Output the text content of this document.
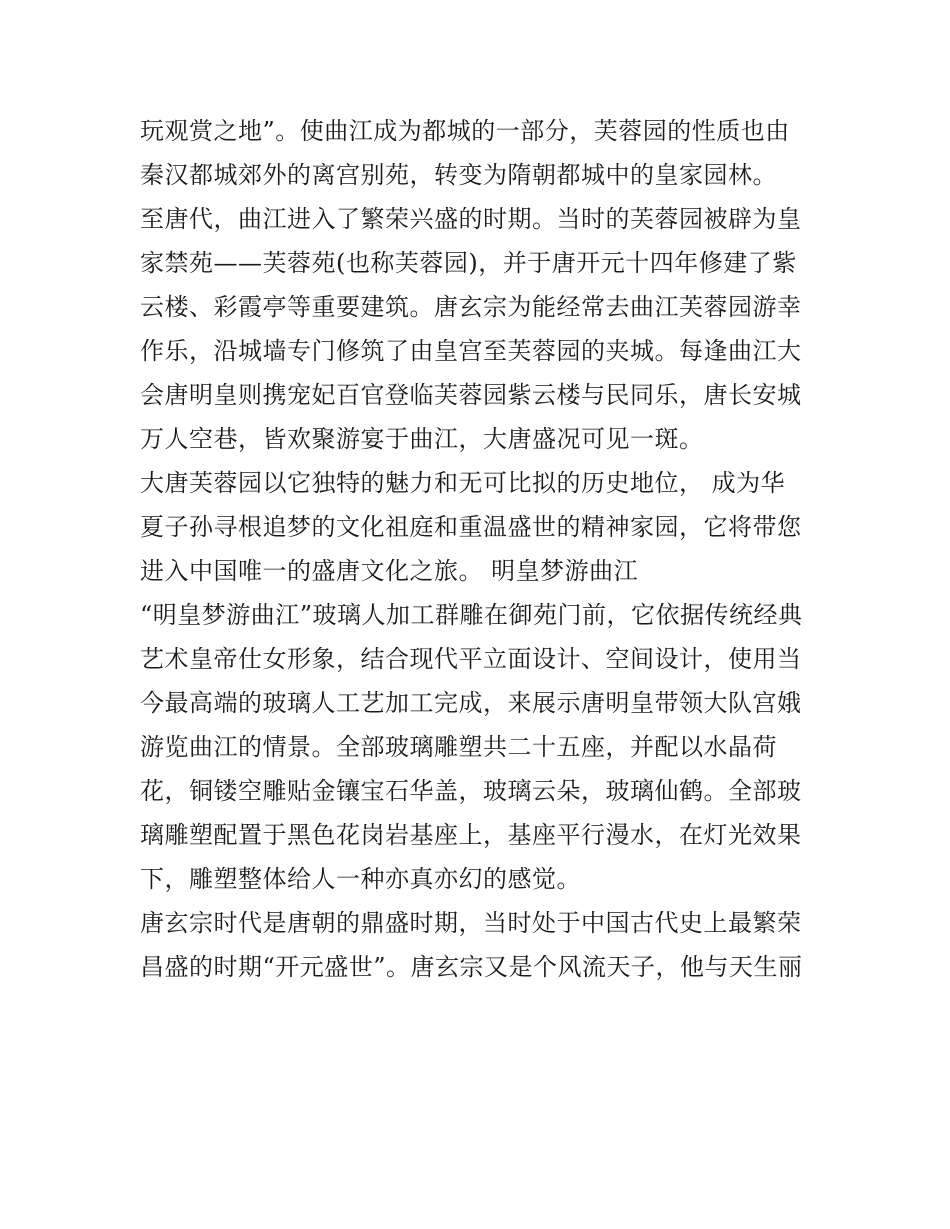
玩观赏之地”。使曲江成为都城的一部分，芙蓉园的性质也由
秦汉都城郊外的离宫别苑，转变为隋朝都城中的皇家园林。
至唐代，曲江进入了繁荣兴盛的时期。当时的芙蓉园被辟为皇
家禁苑——芙蓉苑(也称芙蓉园)，并于唐开元十四年修建了紫
云楼、彩霞亭等重要建筑。唐玄宗为能经常去曲江芙蓉园游幸
作乐，沿城墙专门修筑了由皇宫至芙蓉园的夹城。每逢曲江大
会唐明皇则携宠妃百官登临芙蓉园紫云楼与民同乐，唐长安城
万人空巷，皆欢聚游宴于曲江，大唐盛况可见一斑。
大唐芙蓉园以它独特的魅力和无可比拟的历史地位， 成为华
夏子孙寻根追梦的文化祖庭和重温盛世的精神家园，它将带您
进入中国唯一的盛唐文化之旅。 明皇梦游曲江
“明皇梦游曲江”玻璃人加工群雕在御苑门前，它依据传统经典
艺术皇帝仕女形象，结合现代平立面设计、空间设计，使用当
今最高端的玻璃人工艺加工完成，来展示唐明皇带领大队宫娥
游览曲江的情景。全部玻璃雕塑共二十五座，并配以水晶荷
花，铜镂空雕贴金镶宝石华盖，玻璃云朵，玻璃仙鹤。全部玻
璃雕塑配置于黑色花岗岩基座上，基座平行漫水，在灯光效果
下，雕塑整体给人一种亦真亦幻的感觉。
唐玄宗时代是唐朝的鼎盛时期，当时处于中国古代史上最繁荣
昌盛的时期“开元盛世”。唐玄宗又是个风流天子，他与天生丽
